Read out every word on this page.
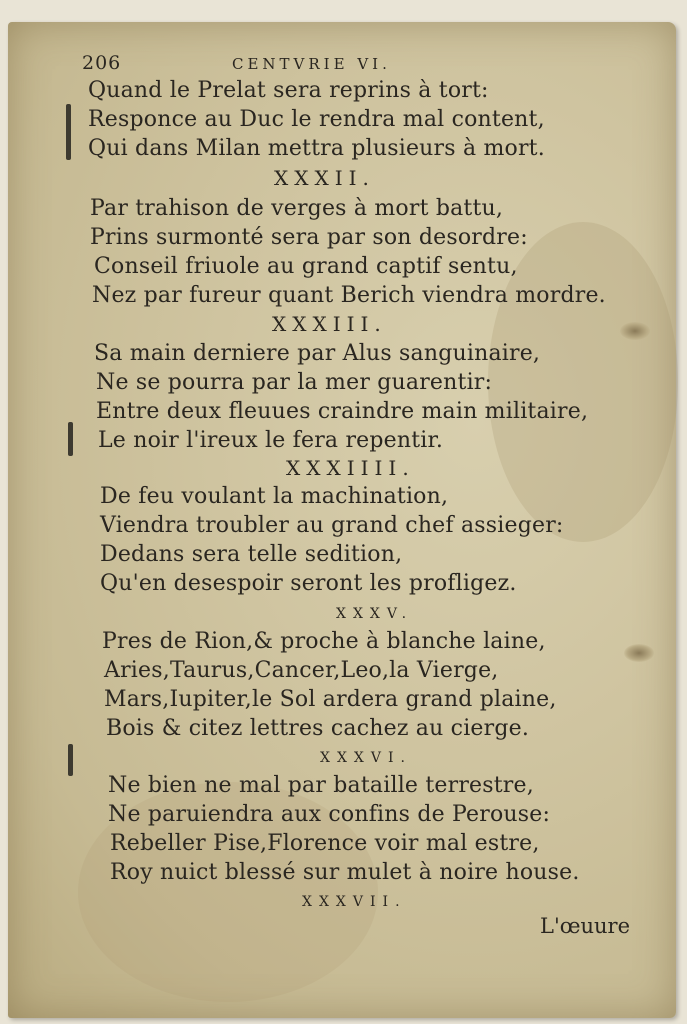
206	CENTVRIE VI.
Quand le Prelat sera reprins à tort:
Responce au Duc le rendra mal content,
Qui dans Milan mettra plusieurs à mort.
XXXII.
Par trahison de verges à mort battu,
Prins surmonté sera par son desordre:
Conseil friuole au grand captif sentu,
Nez par fureur quant Berich viendra mordre.
XXXIII.
Sa main derniere par Alus sanguinaire,
Ne se pourra par la mer guarentir:
Entre deux fleuues craindre main militaire,
Le noir l'ireux le fera repentir.
XXXIIII.
De feu voulant la machination,
Viendra troubler au grand chef assieger:
Dedans sera telle sedition,
Qu'en desespoir seront les profligez.
XXXV.
Pres de Rion,& proche à blanche laine,
Aries,Taurus,Cancer,Leo,la Vierge,
Mars,Iupiter,le Sol ardera grand plaine,
Bois & citez lettres cachez au cierge.
XXXVI.
Ne bien ne mal par bataille terrestre,
Ne paruiendra aux confins de Perouse:
Rebeller Pise,Florence voir mal estre,
Roy nuict blessé sur mulet à noire house.
XXXVII.
L'œuure
